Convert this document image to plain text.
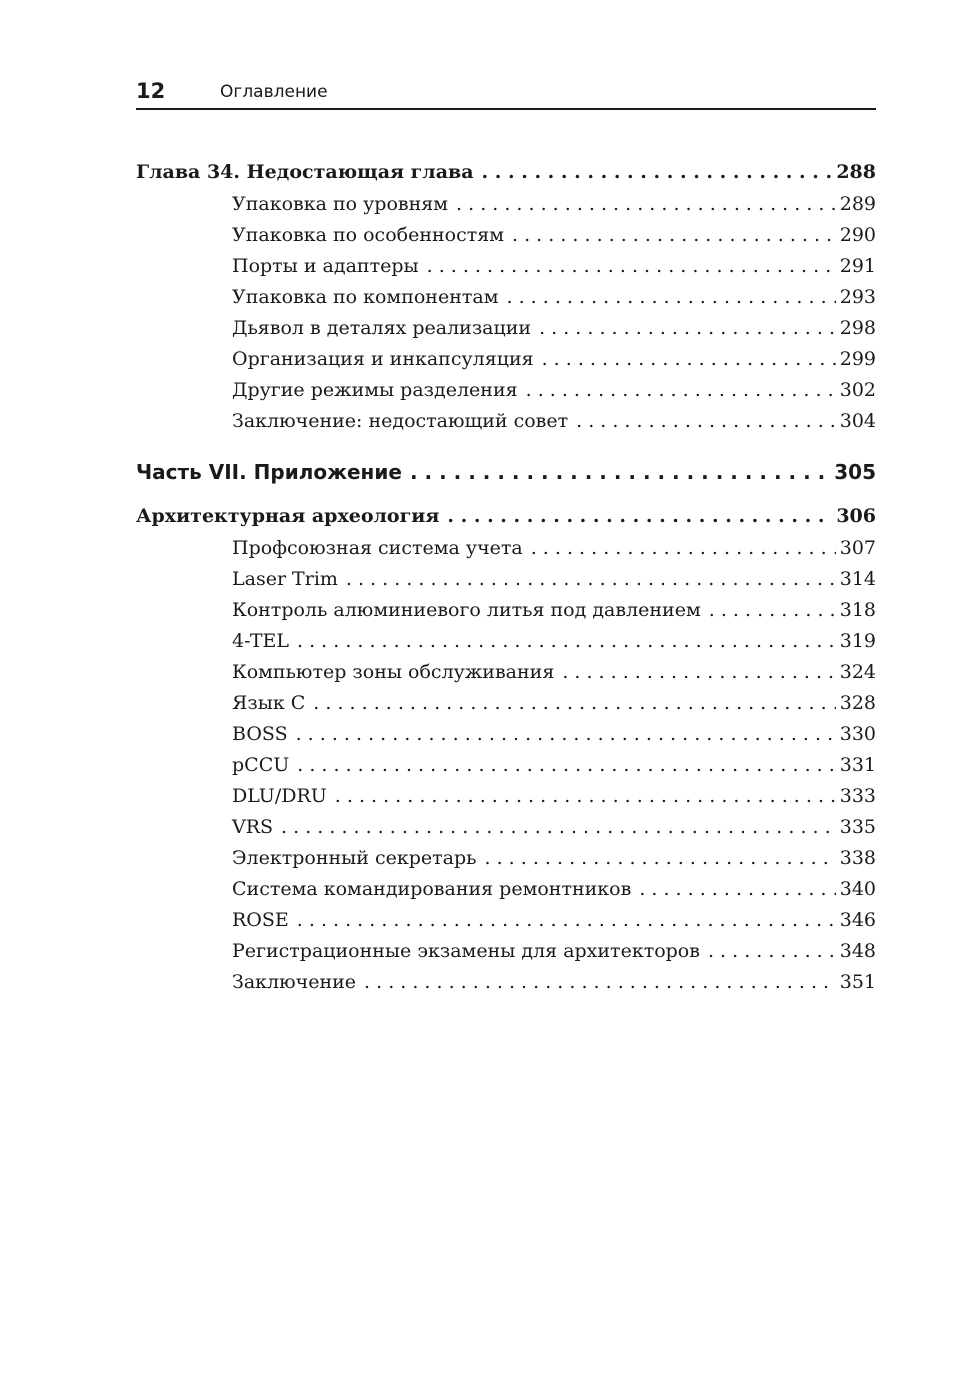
12	Оглавление
Глава 34. Недостающая глава . . .	288
Упаковка по уровням . . .	289
Упаковка по особенностям . . .	290
Порты и адаптеры . . .	291
Упаковка по компонентам . . .	293
Дьявол в деталях реализации . . .	298
Организация и инкапсуляция . . .	299
Другие режимы разделения . . .	302
Заключение: недостающий совет . . .	304
Часть VII. Приложение . . .	305
Архитектурная археология . . .	306
Профсоюзная система учета . . .	307
Laser Trim . . .	314
Контроль алюминиевого литья под давлением . . .	318
4-TEL . . .	319
Компьютер зоны обслуживания . . .	324
Язык C . . .	328
BOSS . . .	330
pCCU . . .	331
DLU/DRU . . .	333
VRS . . .	335
Электронный секретарь . . .	338
Система командирования ремонтников . . .	340
ROSE . . .	346
Регистрационные экзамены для архитекторов . . .	348
Заключение . . .	351
